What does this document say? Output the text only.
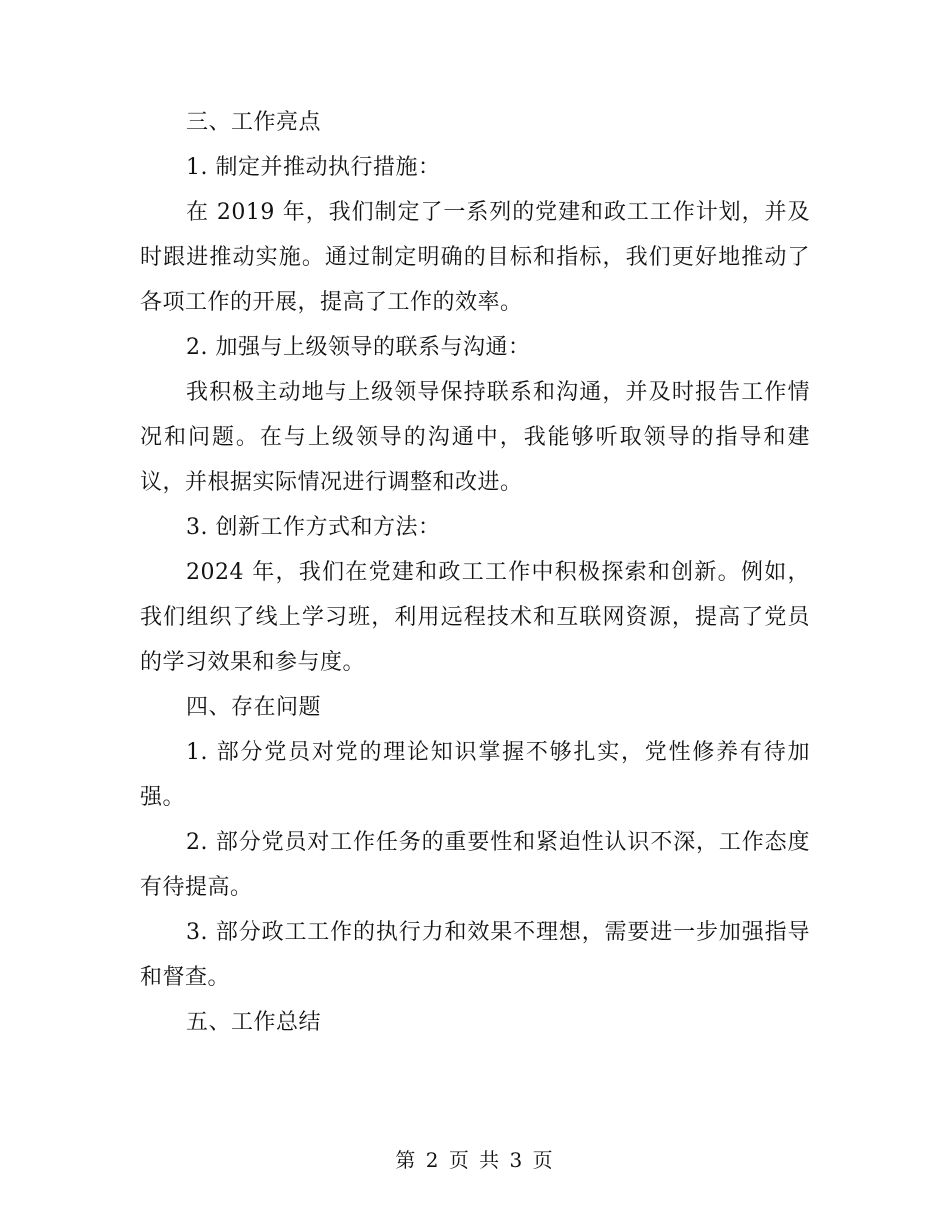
三、工作亮点

1. 制定并推动执行措施：

在 2019 年，我们制定了一系列的党建和政工工作计划，并及时跟进推动实施。通过制定明确的目标和指标，我们更好地推动了各项工作的开展，提高了工作的效率。

2. 加强与上级领导的联系与沟通：

我积极主动地与上级领导保持联系和沟通，并及时报告工作情况和问题。在与上级领导的沟通中，我能够听取领导的指导和建议，并根据实际情况进行调整和改进。

3. 创新工作方式和方法：

2024 年，我们在党建和政工工作中积极探索和创新。例如，我们组织了线上学习班，利用远程技术和互联网资源，提高了党员的学习效果和参与度。

四、存在问题

1. 部分党员对党的理论知识掌握不够扎实，党性修养有待加强。

2. 部分党员对工作任务的重要性和紧迫性认识不深，工作态度有待提高。

3. 部分政工工作的执行力和效果不理想，需要进一步加强指导和督查。

五、工作总结

第 2 页 共 3 页
